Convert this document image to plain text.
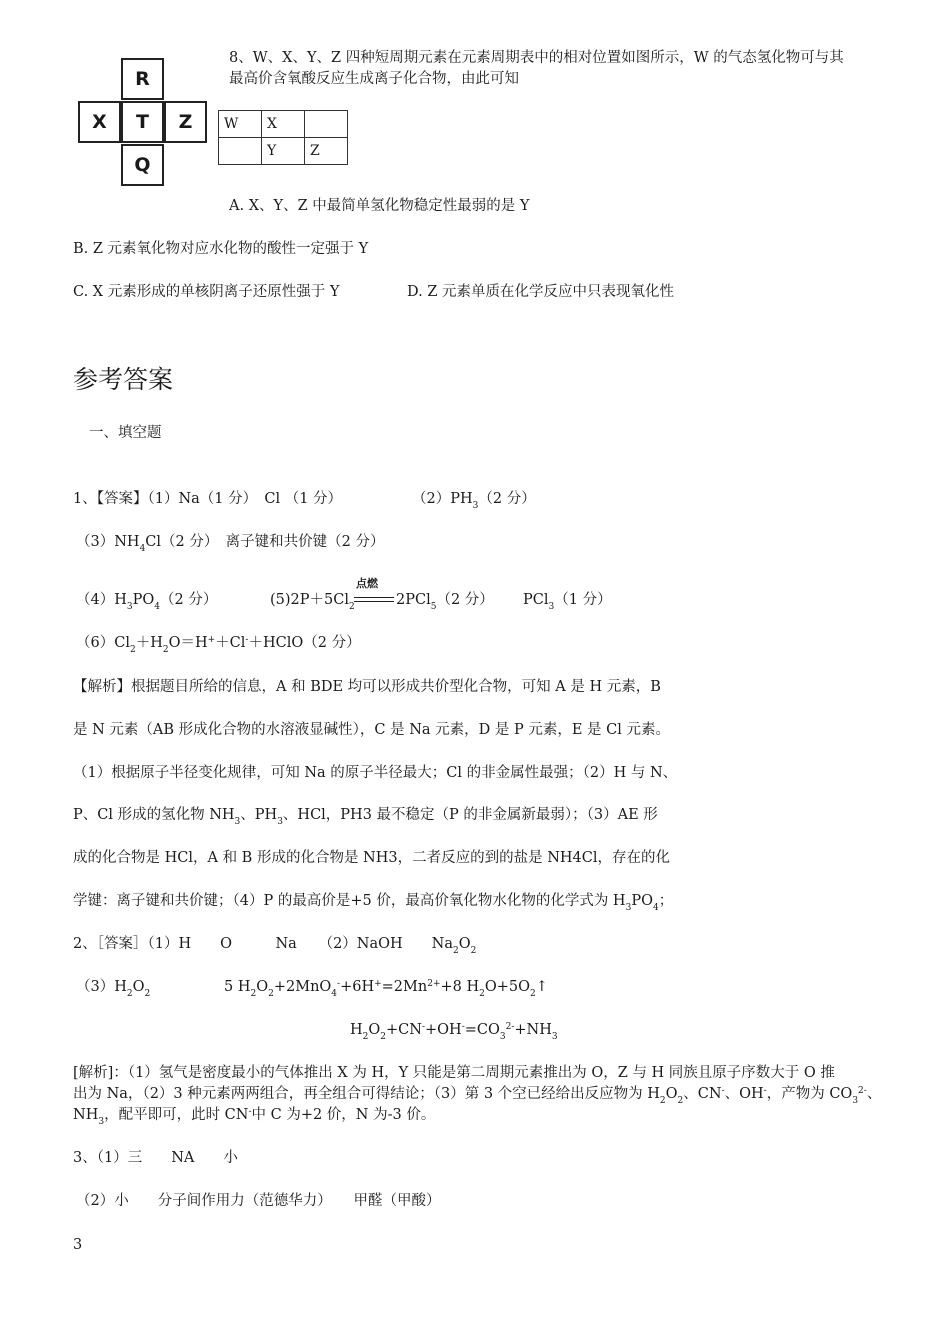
8、W、X、Y、Z 四种短周期元素在元素周期表中的相对位置如图所示，W 的气态氢化物可与其
最高价含氧酸反应生成离子化合物，由此可知
R
X	T	Z
Q
W	X	
	Y	Z
A. X、Y、Z 中最简单氢化物稳定性最弱的是 Y
B. Z 元素氧化物对应水化物的酸性一定强于 Y
C. X 元素形成的单核阴离子还原性强于 Y	D. Z 元素单质在化学反应中只表现氧化性
参考答案
一、填空题
1、【答案】（1）Na（1 分）　Cl （1 分）	$(2)PH_3(2$ 分）
$(3)NH_4Cl(2$ 分）　离子键和共价键（2 分）
$(4)H_3PO_4(2$ 分）	$(5)2P+5Cl_2$
点燃
2PCl$_5$（2 分） PCl$_3$（1 分）
$(6)Cl_2+H_2O=H^++Cl^-+HClO(2$ 分）
【解析】根据题目所给的信息，A 和 BDE 均可以形成共价型化合物，可知 A 是 H 元素，B
是 N 元素（AB 形成化合物的水溶液显碱性），C 是 Na 元素，D 是 P 元素，E 是 Cl 元素。
（1）根据原子半径变化规律，可知 Na 的原子半径最大；Cl 的非金属性最强；（2）H 与 N、
P、Cl 形成的氢化物 $NH_3$、$PH_3$、HCl，PH3 最不稳定（P 的非金属新最弱）；（3）AE 形
成的化合物是 HCl，A 和 B 形成的化合物是 NH3，二者反应的到的盐是 NH4Cl，存在的化
学键：离子键和共价键；（4）P 的最高价是+5 价，最高价氧化物水化物的化学式为 $H_3PO_4$；
2、［答案］（1）H　　O　　　Na　　（2）NaOH　　$Na_2O_2$
$(3)H_2O_2$	5 $H_2O_2+2MnO_4^-+6H^+=2Mn^{2+}+8$ $H_2O+5O_2↑$
$H_2O_2+CN^-+OH^-=CO_3^{2-}+NH_3$
[解析]：（1）氢气是密度最小的气体推出 X 为 H，Y 只能是第二周期元素推出为 O，Z 与 H 同族且原子序数大于 O 推
出为 Na，（2）3 种元素两两组合，再全组合可得结论；（3）第 3 个空已经给出反应物为 $H_2O_2$、CN-、OH-，产物为 $CO_3^{2-}$、
$NH_3$，配平即可，此时 CN-中 C 为+2 价，N 为-3 价。
3、（1）三　　NA　　小
（2）小　　分子间作用力（范德华力）　　甲醛（甲酸）
3
